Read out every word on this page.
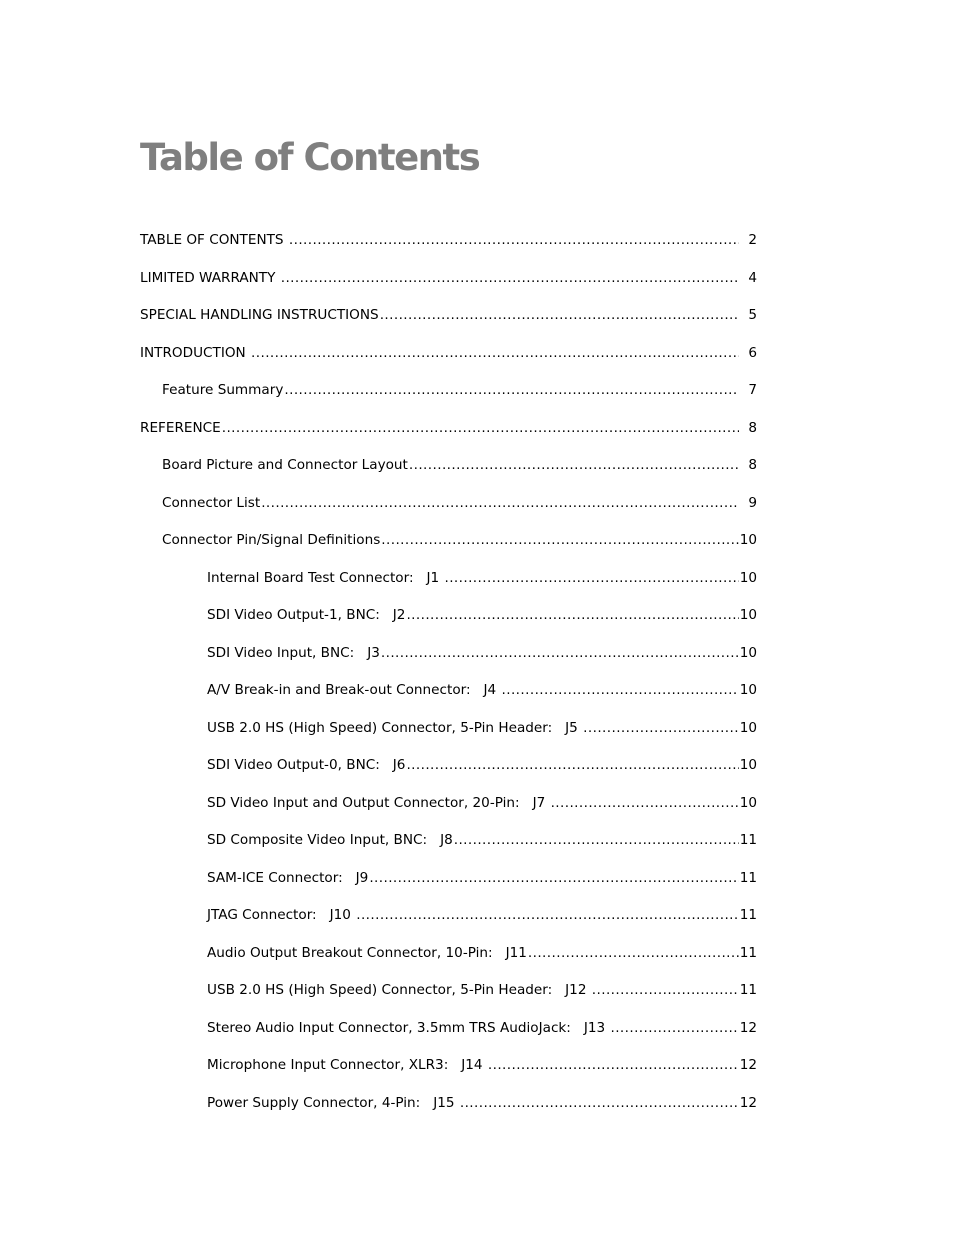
Table of Contents
TABLE OF CONTENTS .....	2
LIMITED WARRANTY .....	4
SPECIAL HANDLING INSTRUCTIONS .....	5
INTRODUCTION .....	6
Feature Summary .....	7
REFERENCE .....	8
Board Picture and Connector Layout .....	8
Connector List .....	9
Connector Pin/Signal Definitions .....	10
Internal Board Test Connector:   J1 .....	10
SDI Video Output-1, BNC:   J2 .....	10
SDI Video Input, BNC:   J3 .....	10
A/V Break-in and Break-out Connector:   J4 .....	10
USB 2.0 HS (High Speed) Connector, 5-Pin Header:   J5 .....	10
SDI Video Output-0, BNC:   J6 .....	10
SD Video Input and Output Connector, 20-Pin:   J7 .....	10
SD Composite Video Input, BNC:   J8 .....	11
SAM-ICE Connector:   J9 .....	11
JTAG Connector:   J10 .....	11
Audio Output Breakout Connector, 10-Pin:   J11 .....	11
USB 2.0 HS (High Speed) Connector, 5-Pin Header:   J12 .....	11
Stereo Audio Input Connector, 3.5mm TRS AudioJack:   J13 .....	12
Microphone Input Connector, XLR3:   J14 .....	12
Power Supply Connector, 4-Pin:   J15 .....	12
